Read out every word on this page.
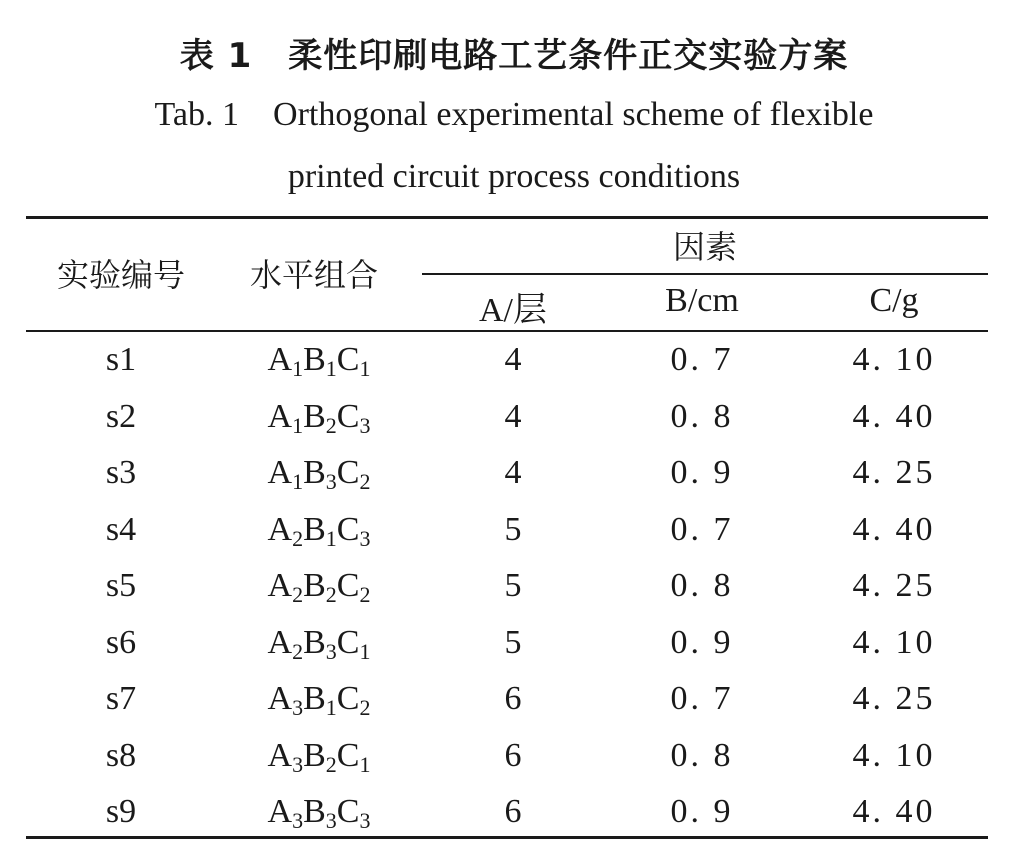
表 1 柔性印刷电路工艺条件正交实验方案
Tab. 1 Orthogonal experimental scheme of flexible
printed circuit process conditions
实验编号	水平组合
因素
A/层	B/cm	C/g
s1	$A_1B_1C_1$	4	0. 7	4. 10
s2	$A_1B_2C_3$	4	0. 8	4. 40
s3	$A_1B_3C_2$	4	0. 9	4. 25
s4	$A_2B_1C_3$	5	0. 7	4. 40
s5	$A_2B_2C_2$	5	0. 8	4. 25
s6	$A_2B_3C_1$	5	0. 9	4. 10
s7	$A_3B_1C_2$	6	0. 7	4. 25
s8	$A_3B_2C_1$	6	0. 8	4. 10
s9	$A_3B_3C_3$	6	0. 9	4. 40
